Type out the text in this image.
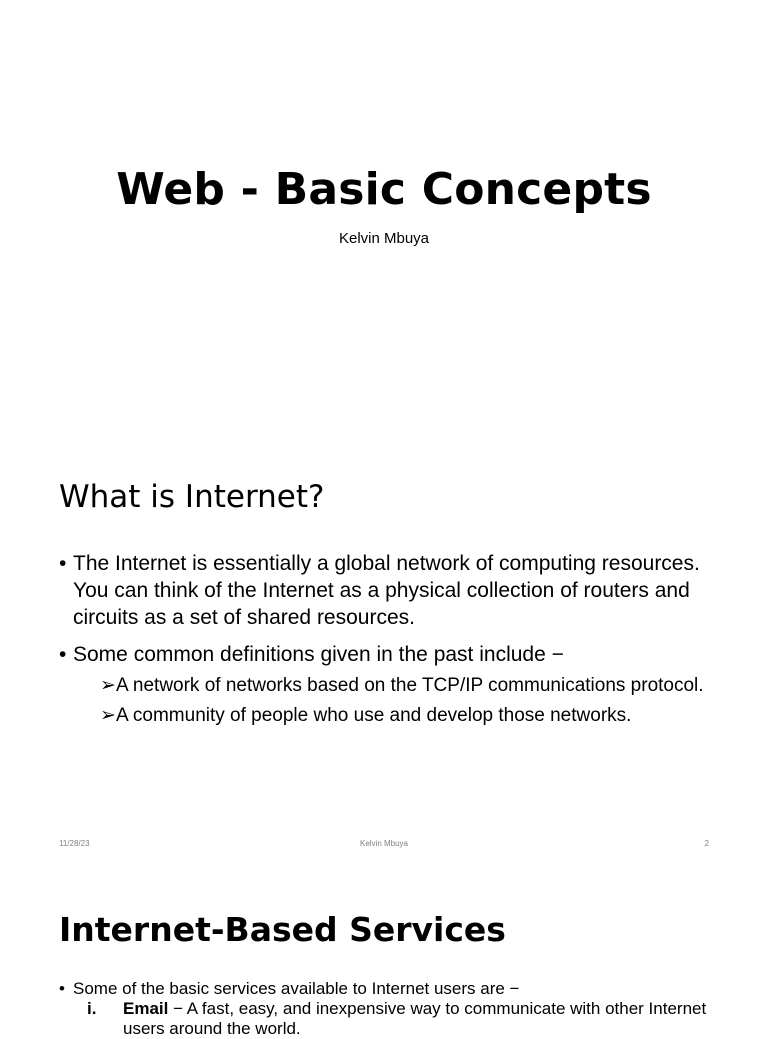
Web - Basic Concepts
Kelvin Mbuya
What is Internet?
• The Internet is essentially a global network of computing resources. You can think of the Internet as a physical collection of routers and circuits as a set of shared resources.
• Some common definitions given in the past include −
➢ A network of networks based on the TCP/IP communications protocol.
➢ A community of people who use and develop those networks.
11/28/23	Kelvin Mbuya	2
Internet-Based Services
• Some of the basic services available to Internet users are −
i. Email − A fast, easy, and inexpensive way to communicate with other Internet users around the world.
